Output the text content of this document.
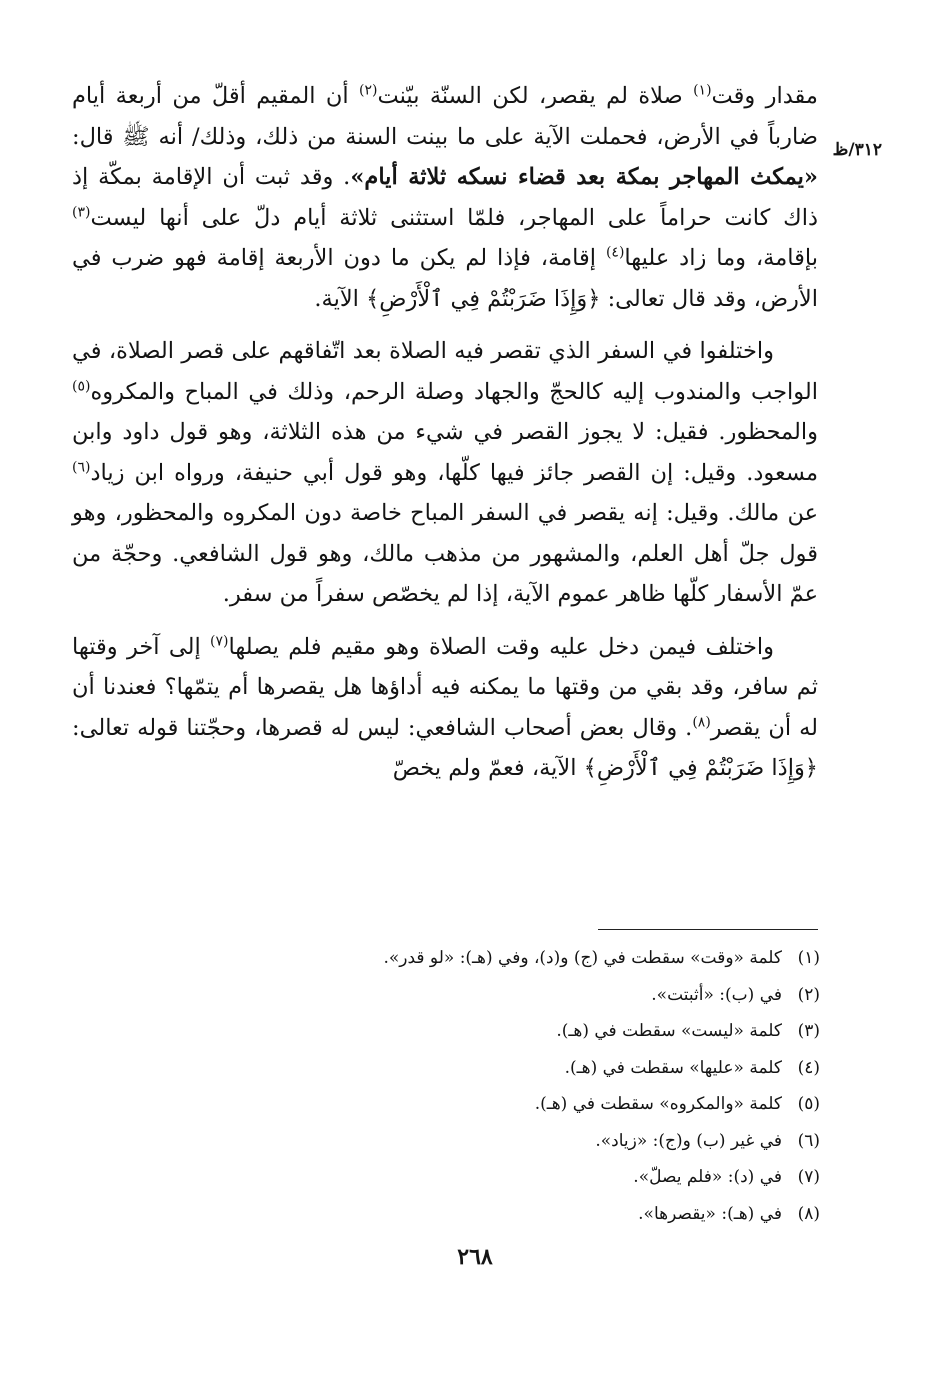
٣١٢/ظ

مقدار وقت$^{(١)}$ صلاة لم يقصر، لكن السنّة بيّنت$^{(٢)}$ أن المقيم أقلّ من أربعة أيام ضارباً في الأرض، فحملت الآية على ما بينت السنة من ذلك، وذلك/ أنه ﷺ قال: «يمكث المهاجر بمكة بعد قضاء نسكه ثلاثة أيام». وقد ثبت أن الإقامة بمكّة إذ ذاك كانت حراماً على المهاجر، فلمّا استثنى ثلاثة أيام دلّ على أنها ليست$^{(٣)}$ بإقامة، وما زاد عليها$^{(٤)}$ إقامة، فإذا لم يكن ما دون الأربعة إقامة فهو ضرب في الأرض، وقد قال تعالى: ﴿وَإِذَا ضَرَبْتُمْ فِي ٱلْأَرْضِ﴾ الآية.

واختلفوا في السفر الذي تقصر فيه الصلاة بعد اتّفاقهم على قصر الصلاة، في الواجب والمندوب إليه كالحجّ والجهاد وصلة الرحم، وذلك في المباح والمكروه$^{(٥)}$ والمحظور. فقيل: لا يجوز القصر في شيء من هذه الثلاثة، وهو قول داود وابن مسعود. وقيل: إن القصر جائز فيها كلّها، وهو قول أبي حنيفة، ورواه ابن زياد$^{(٦)}$ عن مالك. وقيل: إنه يقصر في السفر المباح خاصة دون المكروه والمحظور، وهو قول جلّ أهل العلم، والمشهور من مذهب مالك، وهو قول الشافعي. وحجّة من عمّ الأسفار كلّها ظاهر عموم الآية، إذا لم يخصّص سفراً من سفر.

واختلف فيمن دخل عليه وقت الصلاة وهو مقيم فلم يصلها$^{(٧)}$ إلى آخر وقتها ثم سافر، وقد بقي من وقتها ما يمكنه فيه أداؤها هل يقصرها أم يتمّها؟ فعندنا أن له أن يقصر$^{(٨)}$. وقال بعض أصحاب الشافعي: ليس له قصرها، وحجّتنا قوله تعالى: ﴿وَإِذَا ضَرَبْتُمْ فِي ٱلْأَرْضِ﴾ الآية، فعمّ ولم يخصّ

(١)كلمة «وقت» سقطت في (ج) و(د)، وفي (هـ): «لو قدر».
(٢)في (ب): «أثبتت».
(٣)كلمة «ليست» سقطت في (هـ).
(٤)كلمة «عليها» سقطت في (هـ).
(٥)كلمة «والمكروه» سقطت في (هـ).
(٦)في غير (ب) و(ج): «زياد».
(٧)في (د): «فلم يصلّ».
(٨)في (هـ): «يقصرها».
٢٦٨
